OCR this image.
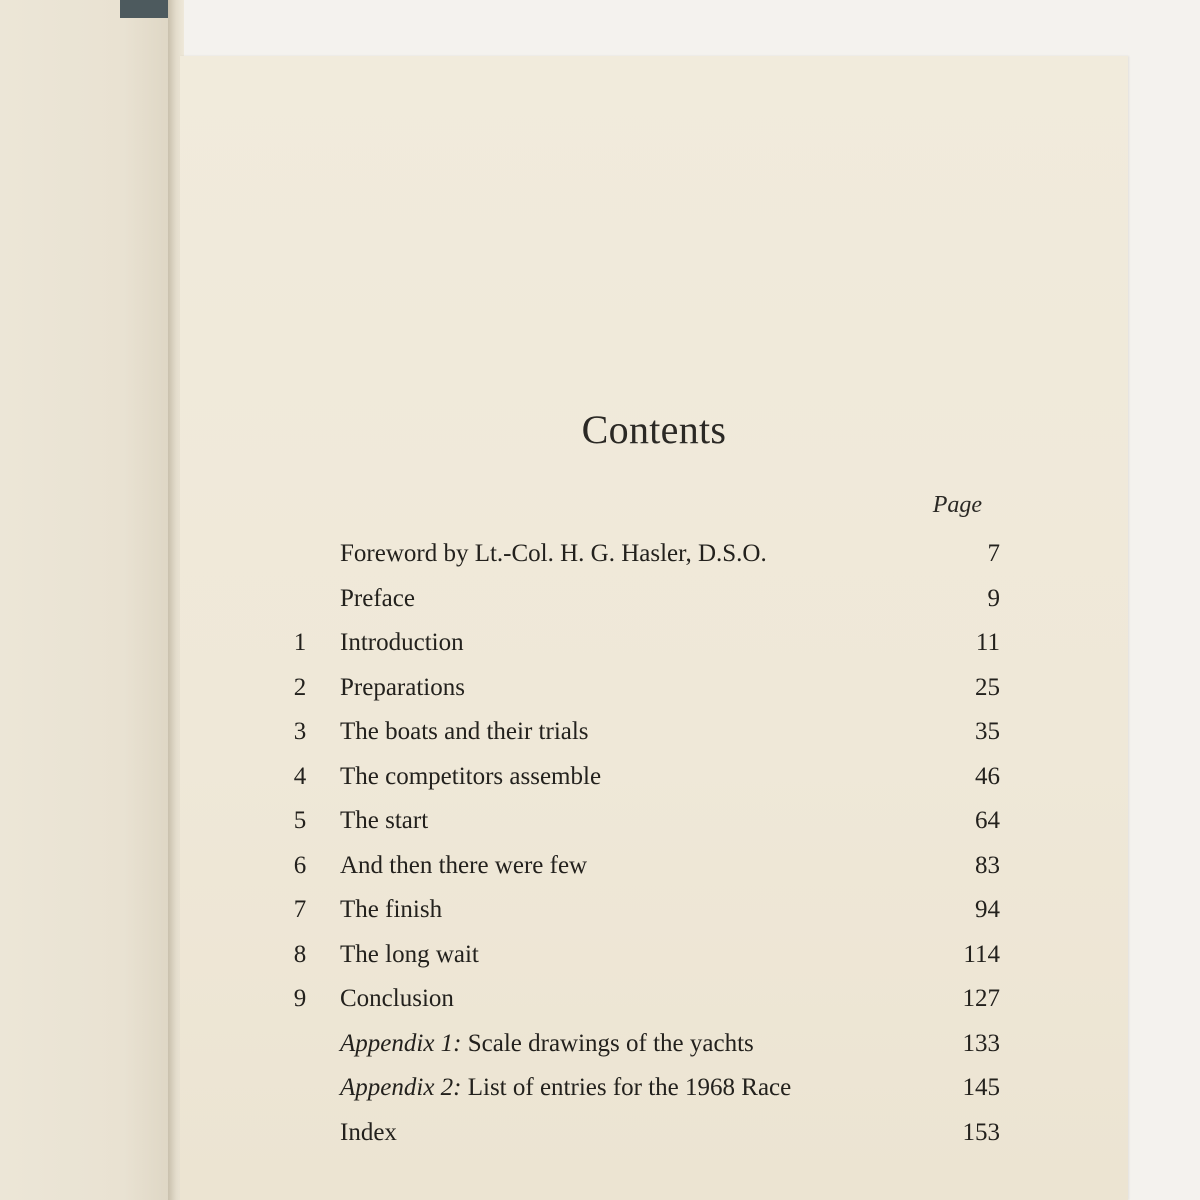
Contents
Page
Foreword by Lt.-Col. H. G. Hasler, D.S.O.	7
Preface	9
1	Introduction	11
2	Preparations	25
3	The boats and their trials	35
4	The competitors assemble	46
5	The start	64
6	And then there were few	83
7	The finish	94
8	The long wait	114
9	Conclusion	127
Appendix 1: Scale drawings of the yachts	133
Appendix 2: List of entries for the 1968 Race	145
Index	153
